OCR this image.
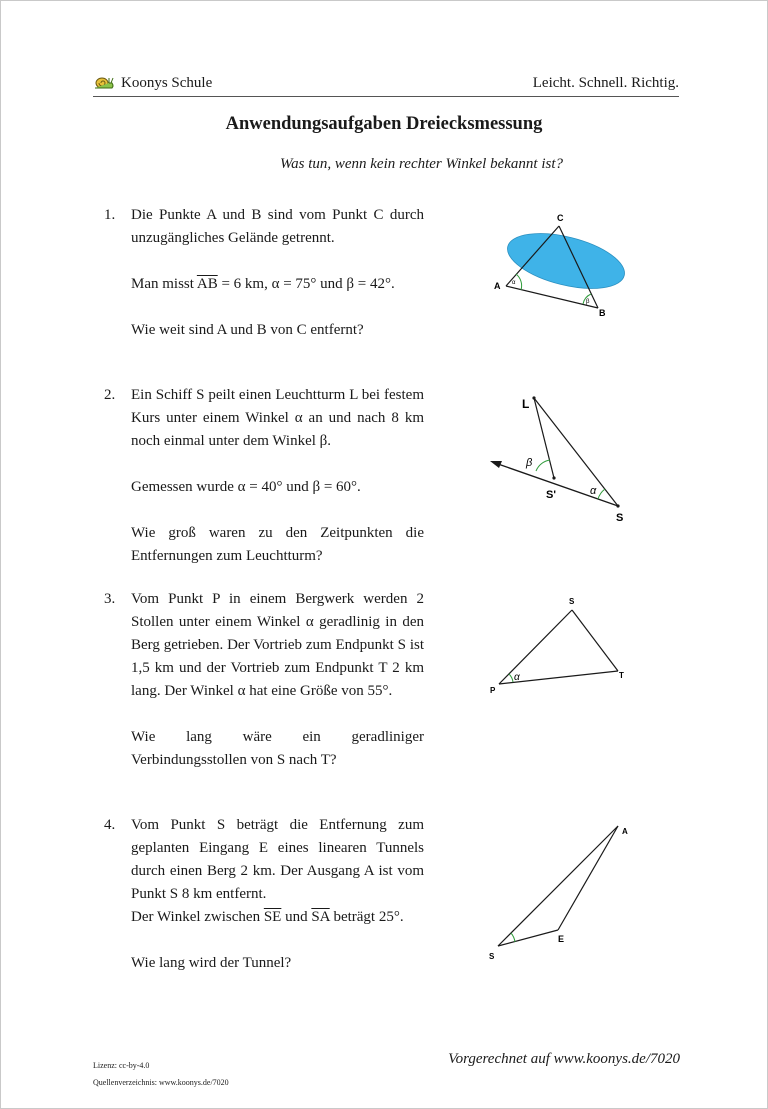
Koonys Schule	Leicht. Schnell. Richtig.
Anwendungsaufgaben Dreiecksmessung
Was tun, wenn kein rechter Winkel bekannt ist?
1. Die Punkte A und B sind vom Punkt C durch unzugängliches Gelände getrennt.

Man misst $\overline{AB} = 6$ km, α = 75° und β = 42°.

Wie weit sind A und B von C entfernt?

α
β
C
A
B
2. Ein Schiff S peilt einen Leuchtturm L bei festem Kurs unter einem Winkel α an und nach 8 km noch einmal unter dem Winkel β.

Gemessen wurde α = 40° und β = 60°.

Wie groß waren zu den Zeitpunkten die Entfernungen zum Leuchtturm?

β
α
L
S'
S
3. Vom Punkt P in einem Bergwerk werden 2 Stollen unter einem Winkel α geradlinig in den Berg getrieben. Der Vortrieb zum Endpunkt S ist 1,5 km und der Vortrieb zum Endpunkt T 2 km lang. Der Winkel α hat eine Größe von 55°.

Wie lang wäre ein geradliniger Verbindungsstollen von S nach T?

α
S
T
P
4. Vom Punkt S beträgt die Entfernung zum geplanten Eingang E eines linearen Tunnels durch einen Berg 2 km. Der Ausgang A ist vom Punkt S 8 km entfernt.

Der Winkel zwischen $\overline{SE}$ und $\overline{SA}$ beträgt 25°.

Wie lang wird der Tunnel?

A
E
S
Lizenz: cc-by-4.0
Quellenverzeichnis: www.koonys.de/7020
Vorgerechnet auf www.koonys.de/7020
